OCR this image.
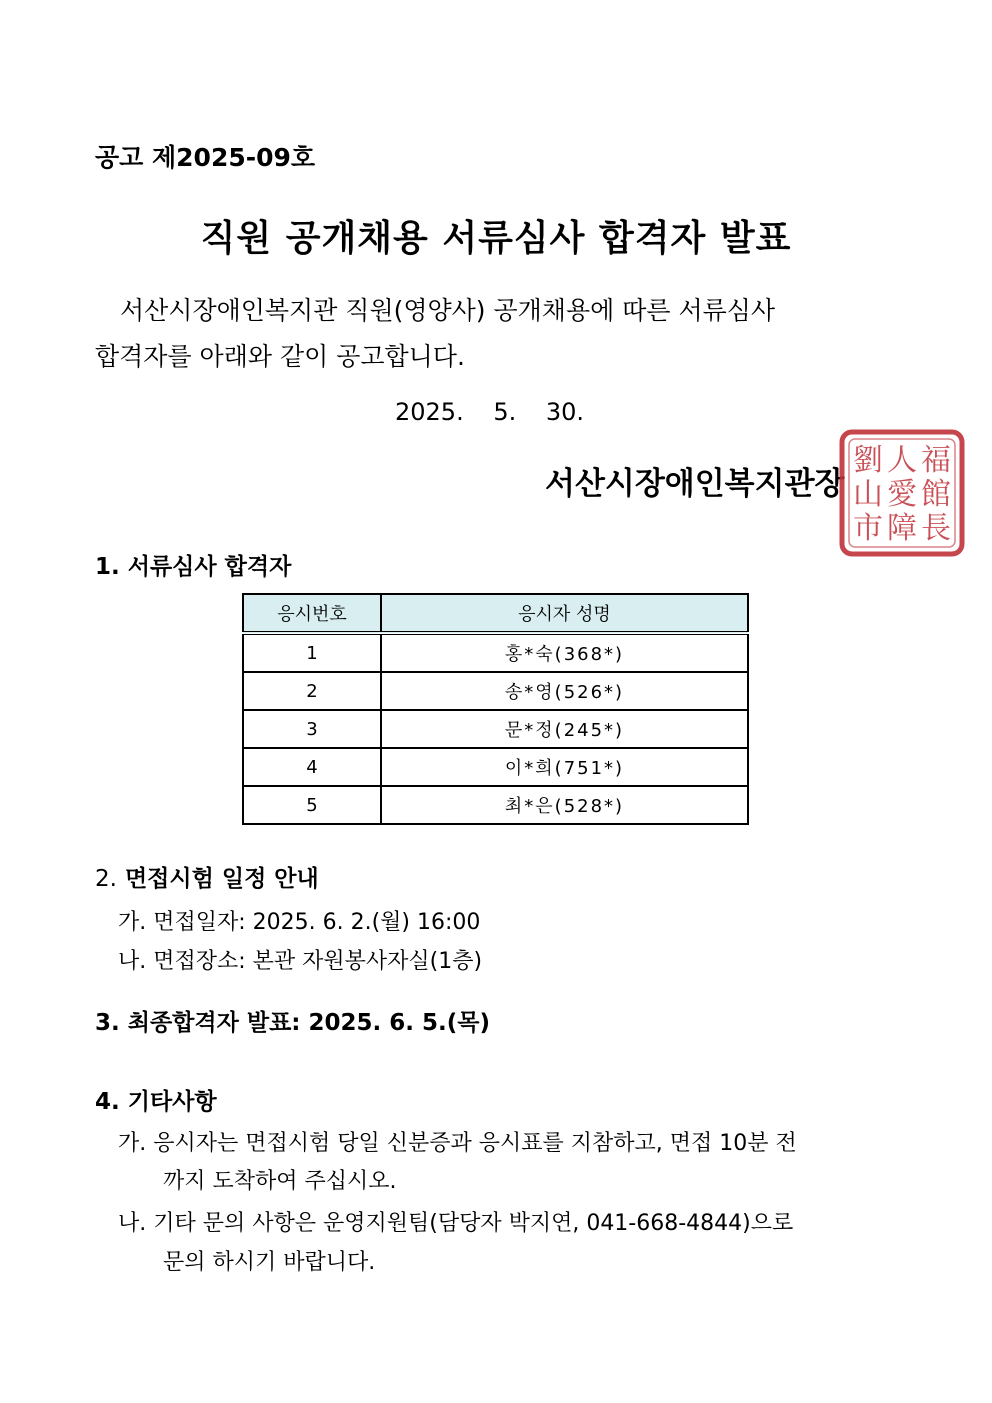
공고 제2025-09호
직원 공개채용 서류심사 합격자 발표
서산시장애인복지관 직원(영양사) 공개채용에 따른 서류심사
합격자를 아래와 같이 공고합니다.
2025. 5. 30.
서산시장애인복지관장
劉 人 福
山 愛 館
市 障 長
1. 서류심사 합격자
응시번호	응시자 성명
1	홍*숙(368*)
2	송*영(526*)
3	문*정(245*)
4	이*희(751*)
5	최*은(528*)
2. 면접시험 일정 안내
가. 면접일자: 2025. 6. 2.(월) 16:00
나. 면접장소: 본관 자원봉사자실(1층)
3. 최종합격자 발표: 2025. 6. 5.(목)
4. 기타사항
가. 응시자는 면접시험 당일 신분증과 응시표를 지참하고, 면접 10분 전
까지 도착하여 주십시오.
나. 기타 문의 사항은 운영지원팀(담당자 박지연, 041-668-4844)으로
문의 하시기 바랍니다.
